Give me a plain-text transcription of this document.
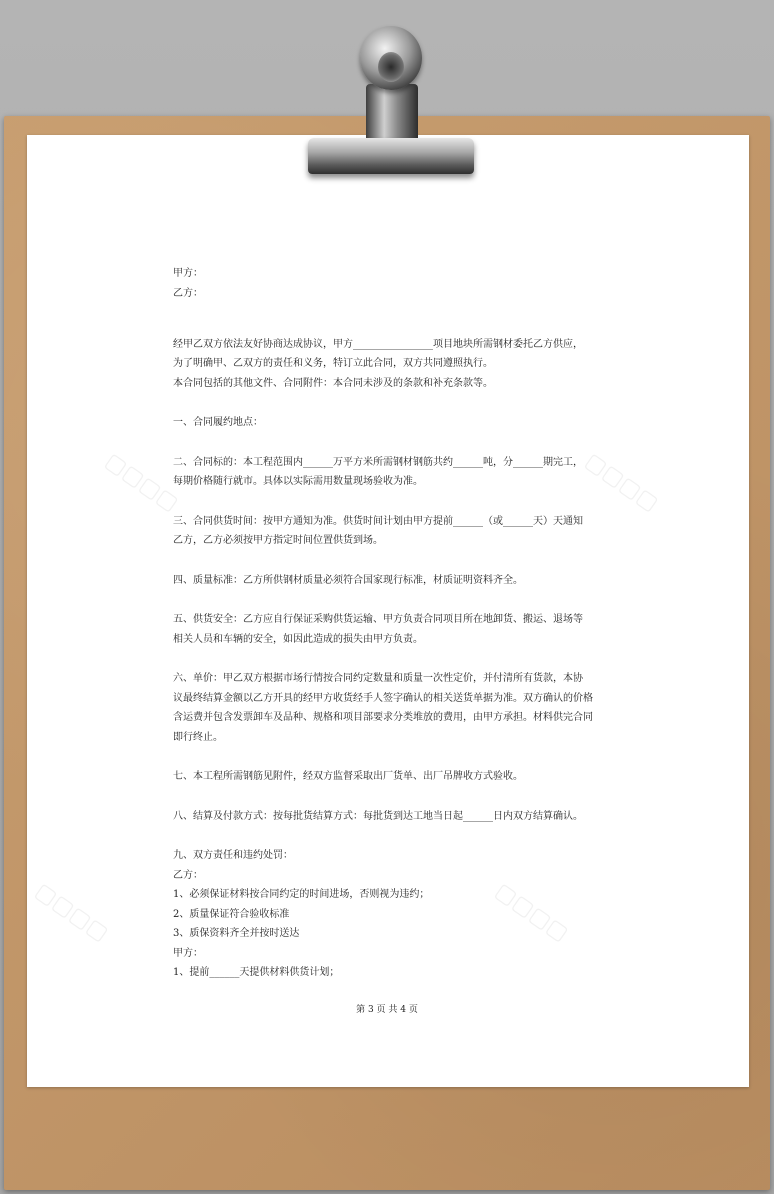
甲方：

乙方：

经甲乙双方依法友好协商达成协议，甲方________________项目地块所需钢材委托乙方供应，

为了明确甲、乙双方的责任和义务，特订立此合同，双方共同遵照执行。

本合同包括的其他文件、合同附件：本合同未涉及的条款和补充条款等。

一、合同履约地点：

二、合同标的：本工程范围内______万平方米所需钢材钢筋共约______吨，分______期完工，

每期价格随行就市。具体以实际需用数量现场验收为准。

三、合同供货时间：按甲方通知为准。供货时间计划由甲方提前______（或______天）天通知

乙方，乙方必须按甲方指定时间位置供货到场。

四、质量标准：乙方所供钢材质量必须符合国家现行标准，材质证明资料齐全。

五、供货安全：乙方应自行保证采购供货运输、甲方负责合同项目所在地卸货、搬运、退场等

相关人员和车辆的安全，如因此造成的损失由甲方负责。

六、单价：甲乙双方根据市场行情按合同约定数量和质量一次性定价，并付清所有货款，本协

议最终结算金额以乙方开具的经甲方收货经手人签字确认的相关送货单据为准。双方确认的价格

含运费并包含发票卸车及品种、规格和项目部要求分类堆放的费用，由甲方承担。材料供完合同

即行终止。

七、本工程所需钢筋见附件，经双方监督采取出厂货单、出厂吊牌收方式验收。

八、结算及付款方式：按每批货结算方式：每批货到达工地当日起______日内双方结算确认。

九、双方责任和违约处罚：

乙方：

1、必须保证材料按合同约定的时间进场，否则视为违约；

2、质量保证符合验收标准

3、质保资料齐全并按时送达

甲方：

1、提前______天提供材料供货计划；

第 3 页 共 4 页
